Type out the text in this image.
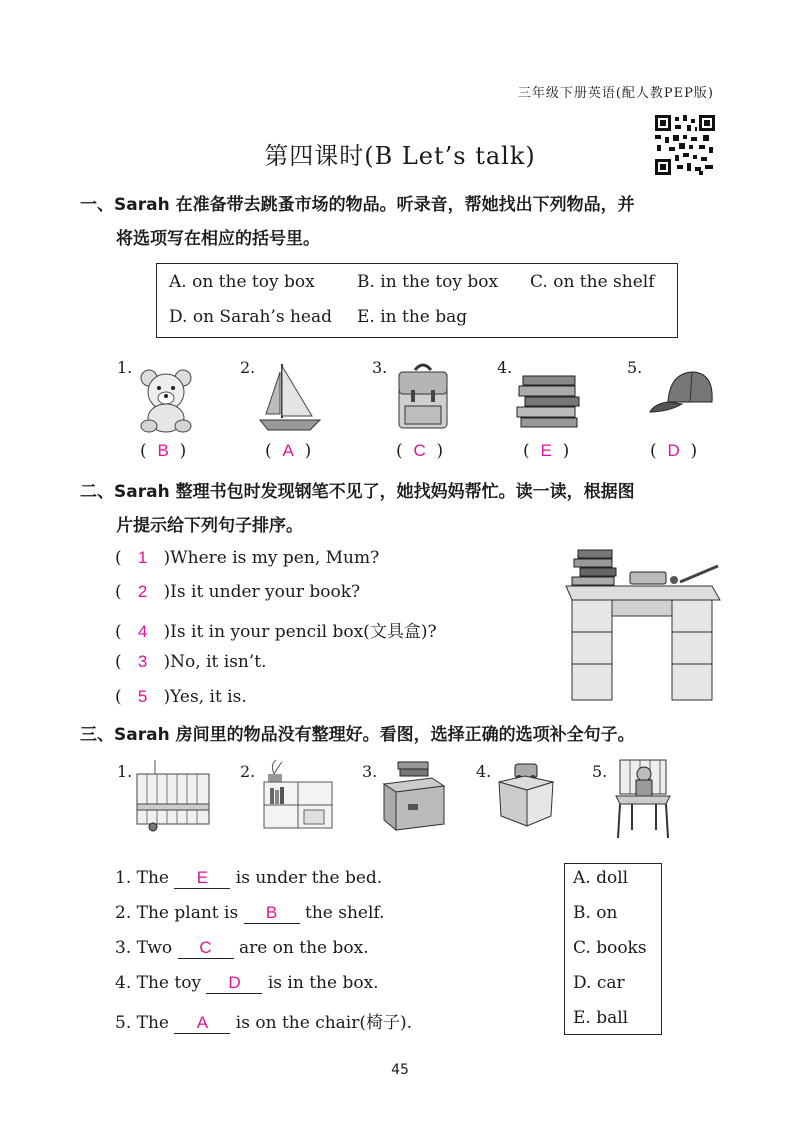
三年级下册英语(配人教PEP版)
第四课时(B Let’s talk)
一、Sarah 在准备带去跳蚤市场的物品。听录音，帮她找出下列物品，并
将选项写在相应的括号里。
A. on the toy box B. in the toy box C. on the shelf
D. on Sarah’s head E. in the bag
1.	2.	3.	4.	5.
(  B  )	(  A  )	(  C  )	(  E  )	(  D  )
二、Sarah 整理书包时发现钢笔不见了，她找妈妈帮忙。读一读，根据图
片提示给下列句子排序。
(   1 )Where is my pen, Mum?
(   2 )Is it under your book?
(   4 )Is it in your pencil box(文具盒)?
(   3 )No, it isn’t.
(   5 )Yes, it is.
三、Sarah 房间里的物品没有整理好。看图，选择正确的选项补全句子。
1.	2.	3.	4.	5.
1. The E is under the bed.
2. The plant is B the shelf.
3. Two C are on the box.
4. The toy D is in the box.
5. The A is on the chair(椅子).
A. doll
B. on
C. books
D. car
E. ball
45
